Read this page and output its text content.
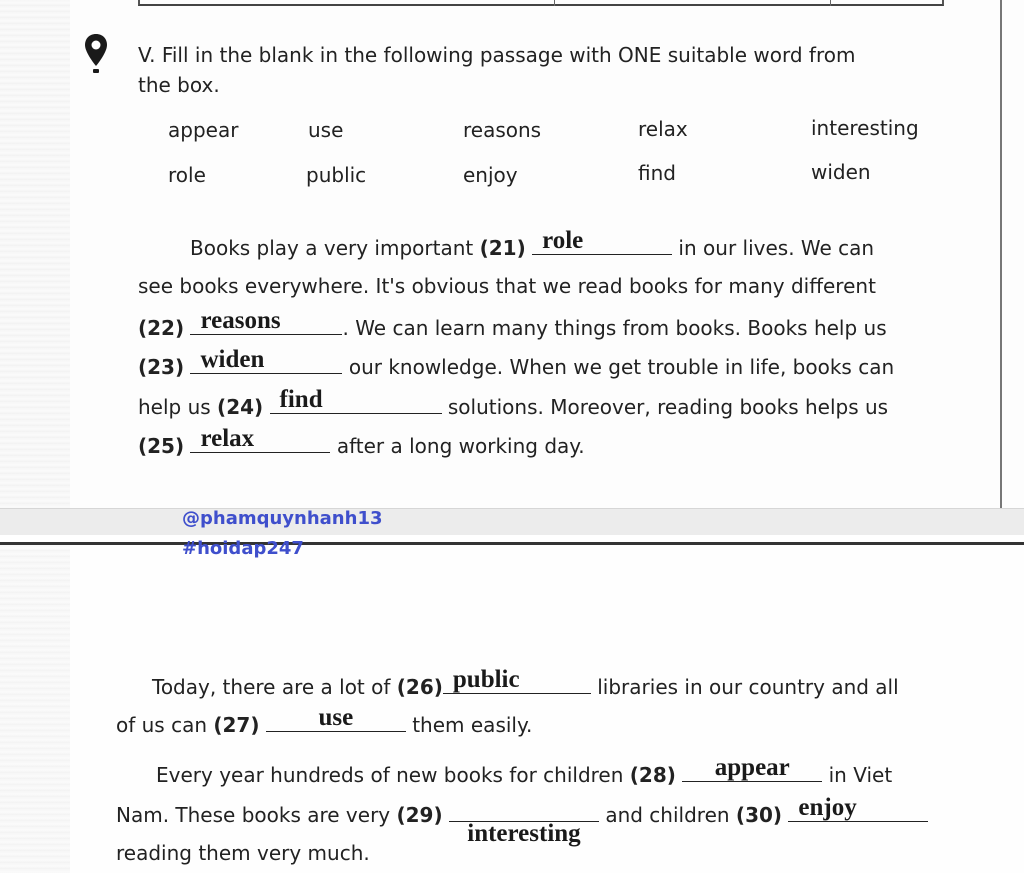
V. Fill in the blank in the following passage with ONE suitable word from
the box.
appear	use	reasons	relax	interesting
role	public	enjoy	find	widen
Books play a very important (21) role	in our lives. We can
see books everywhere. It's obvious that we read books for many different
(22) reasons	. We can learn many things from books. Books help us
(23) widen	our knowledge. When we get trouble in life, books can
help us (24) find	solutions. Moreover, reading books helps us
(25) relax	after a long working day.
Today, there are a lot of (26) public	libraries in our country and all
of us can (27)	use	them easily.
Every year hundreds of new books for children (28)	appear	in Viet
Nam. These books are very (29)
interesting
and children (30) enjoy
reading them very much.
@phamquynhanh13
#hoidap247
